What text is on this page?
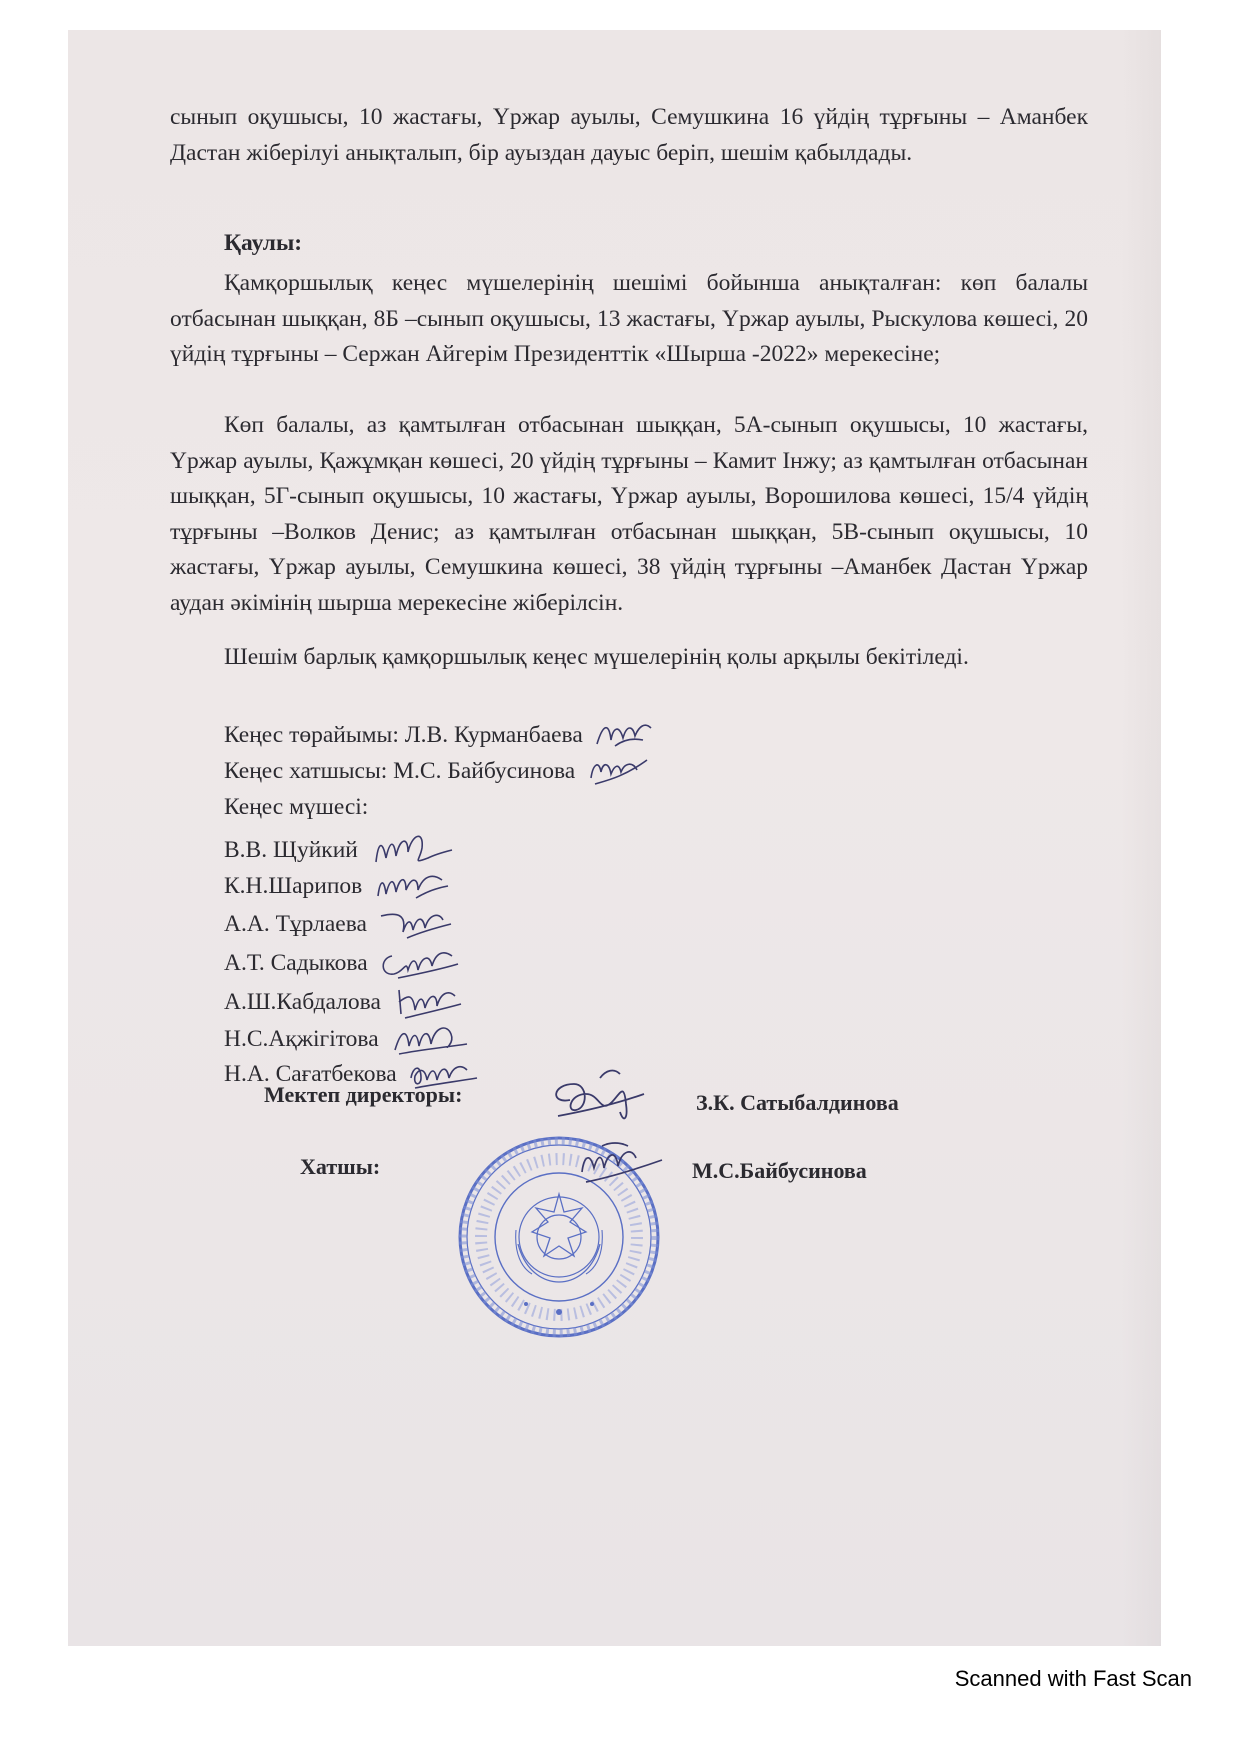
сынып оқушысы, 10 жастағы, Үржар ауылы, Семушкина 16 үйдің тұрғыны – Аманбек Дастан жіберілуі анықталып, бір ауыздан дауыс беріп, шешім қабылдады.

Қаулы:

Қамқоршылық кеңес мүшелерінің шешімі бойынша анықталған: көп балалы отбасынан шыққан, 8Б –сынып оқушысы, 13 жастағы, Үржар ауылы, Рыскулова көшесі, 20 үйдің тұрғыны – Сержан Айгерім Президенттік «Шырша -2022» мерекесіне;

Көп балалы, аз қамтылған отбасынан шыққан, 5А-сынып оқушысы, 10 жастағы, Үржар ауылы, Қажұмқан көшесі, 20 үйдің тұрғыны – Камит Інжу; аз қамтылған отбасынан шыққан, 5Г-сынып оқушысы, 10 жастағы, Үржар ауылы, Ворошилова көшесі, 15/4 үйдің тұрғыны –Волков Денис; аз қамтылған отбасынан шыққан, 5В-сынып оқушысы, 10 жастағы, Үржар ауылы, Семушкина көшесі, 38 үйдің тұрғыны –Аманбек Дастан Үржар аудан әкімінің шырша мерекесіне жіберілсін.

Шешім барлық қамқоршылық кеңес мүшелерінің қолы арқылы бекітіледі.

Кеңес төрайымы: Л.В. Курманбаева
Кеңес хатшысы: М.С. Байбусинова
Кеңес мүшесі:
В.В. Щуйкий
К.Н.Шарипов
А.А. Тұрлаева
А.Т. Садыкова
А.Ш.Кабдалова
Н.С.Ақжігітова
Н.А. Сағатбекова
Мектеп директоры:	З.К. Сатыбалдинова
Хатшы:	М.С.Байбусинова
Scanned with Fast Scan
